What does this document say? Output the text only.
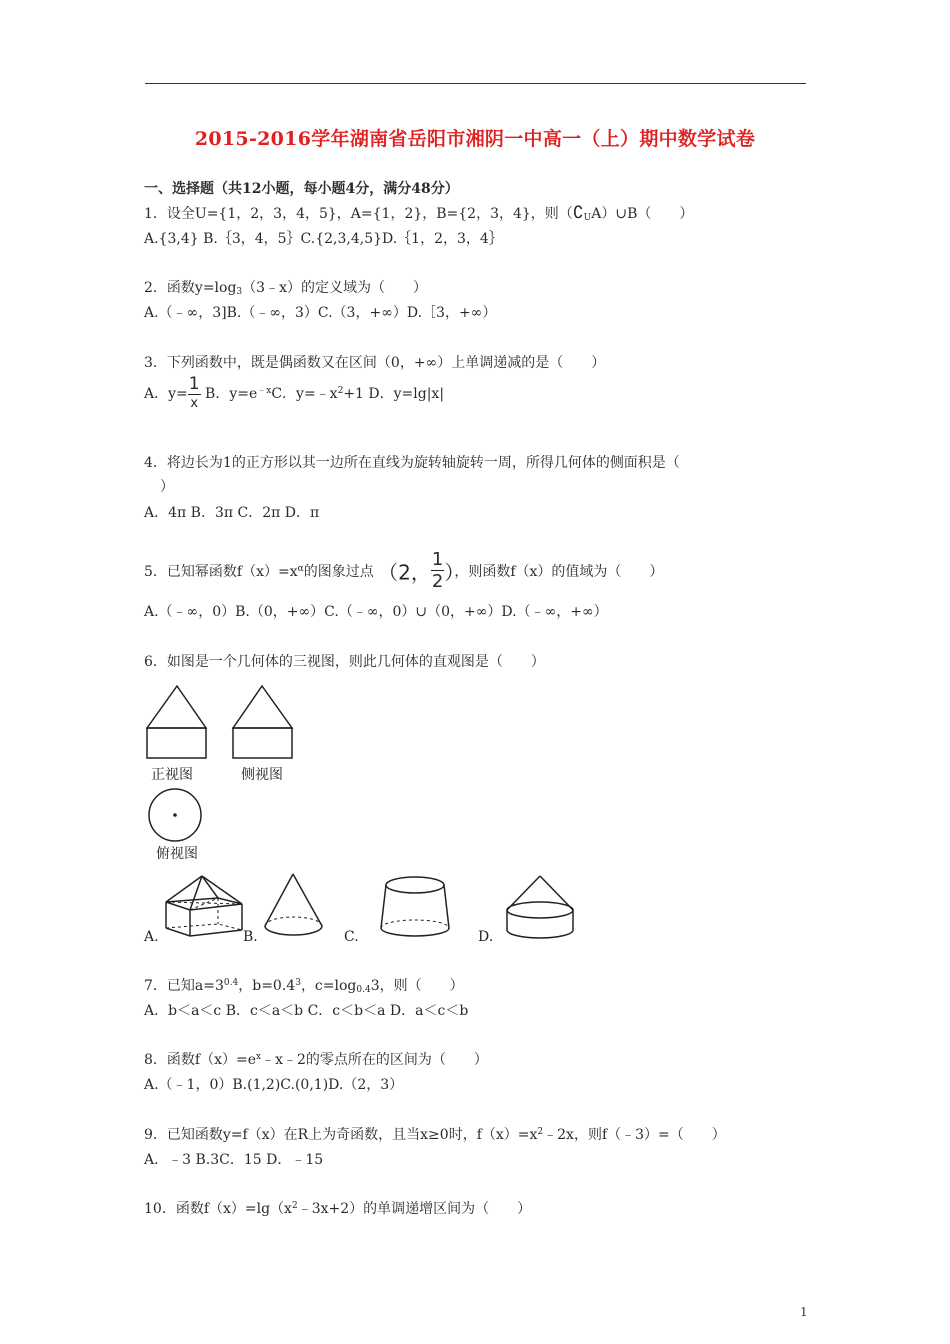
2015-2016学年湖南省岳阳市湘阴一中高一（上）期中数学试卷
一、选择题（共12小题，每小题4分，满分48分）
1．设全U={1，2，3，4，5}，A={1，2}，B={2，3，4}，则$(∁_UA)\cup B$（　　）
A.{3,4} B.｛3，4，5｝C.{2,3,4,5}D.｛1，2，3，4｝
2．函数$y=\log_3(3﹣x)$的定义域为（　　）
A.（﹣∞，3]B.（﹣∞，3）C.（3，+∞）D.［3，+∞）
3．下列函数中，既是偶函数又在区间（0，+∞）上单调递减的是（　　）
A．$y= \frac{1}{x}$ B．$y=e^{﹣x}C$．$y=﹣x^2+1$ D．y=lg|x|
4．将边长为1的正方形以其一边所在直线为旋转轴旋转一周，所得几何体的侧面积是（
）
A．4π B．3π C．2π D．π
5．已知幂函数$f(x)=x^\alpha$的图象过点 （2， $\frac{1}{2}$ ），则函数f（x）的值域为（　　）
A.（﹣∞，0）B.（0，+∞）C.（﹣∞，0）∪（0，+∞）D.（﹣∞，+∞）
6．如图是一个几何体的三视图，则此几何体的直观图是（　　）
正视图	侧视图
俯视图
A.	B.	C.	D.
7．已知$a=3^{0.4}$，$b=0.4^3$，$c=\log_{0.4}3$，则（　　）
A．b＜a＜c B．c＜a＜b C．c＜b＜a D．a＜c＜b
8．函数$f(x)=e^x﹣x﹣2$的零点所在的区间为（　　）
A.（﹣1，0）B.(1,2)C.(0,1)D.（2，3）
9．已知函数y=f（x）在R上为奇函数，且当x≥0时，$f(x)=x^2﹣2x$，则f（﹣3）=（　　）
A．﹣3 B.3C．15 D．﹣15
10．函数$f(x)=\lg(x^2﹣3x+2)$的单调递增区间为（　　）
1
